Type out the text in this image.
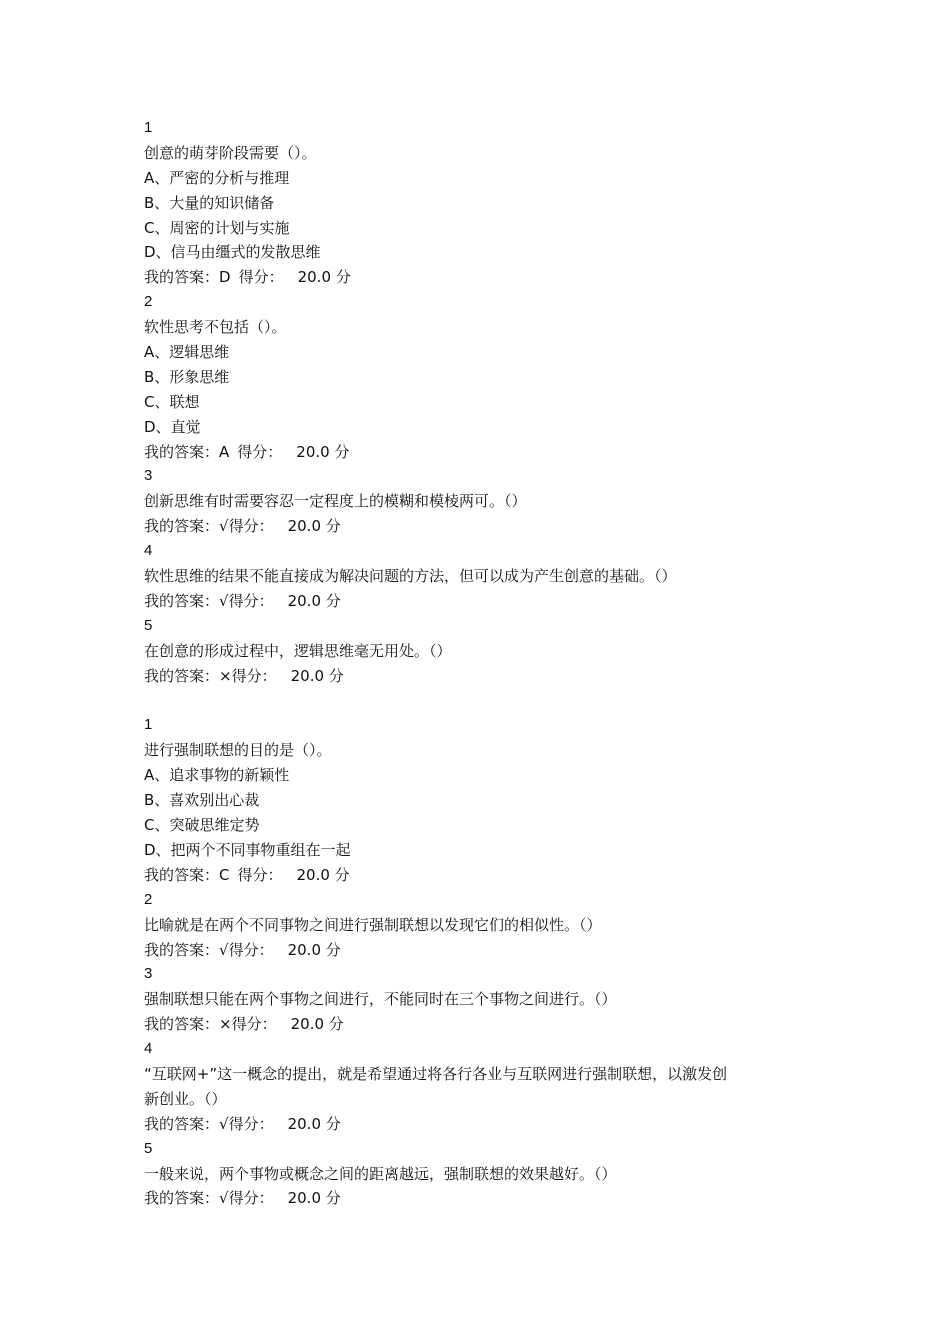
1
创意的萌芽阶段需要（）。
A、严密的分析与推理
B、大量的知识储备
C、周密的计划与实施
D、信马由缰式的发散思维
我的答案：D 得分： 20.0 分
2
软性思考不包括（）。
A、逻辑思维
B、形象思维
C、联想
D、直觉
我的答案：A 得分： 20.0 分
3
创新思维有时需要容忍一定程度上的模糊和模棱两可。（）
我的答案：√得分： 20.0 分
4
软性思维的结果不能直接成为解决问题的方法，但可以成为产生创意的基础。（）
我的答案：√得分： 20.0 分
5
在创意的形成过程中，逻辑思维毫无用处。（）
我的答案：×得分： 20.0 分
1
进行强制联想的目的是（）。
A、追求事物的新颖性
B、喜欢别出心裁
C、突破思维定势
D、把两个不同事物重组在一起
我的答案：C 得分： 20.0 分
2
比喻就是在两个不同事物之间进行强制联想以发现它们的相似性。（）
我的答案：√得分： 20.0 分
3
强制联想只能在两个事物之间进行，不能同时在三个事物之间进行。（）
我的答案：×得分： 20.0 分
4
“互联网+”这一概念的提出，就是希望通过将各行各业与互联网进行强制联想，以激发创
新创业。（）
我的答案：√得分： 20.0 分
5
一般来说，两个事物或概念之间的距离越远，强制联想的效果越好。（）
我的答案：√得分： 20.0 分
